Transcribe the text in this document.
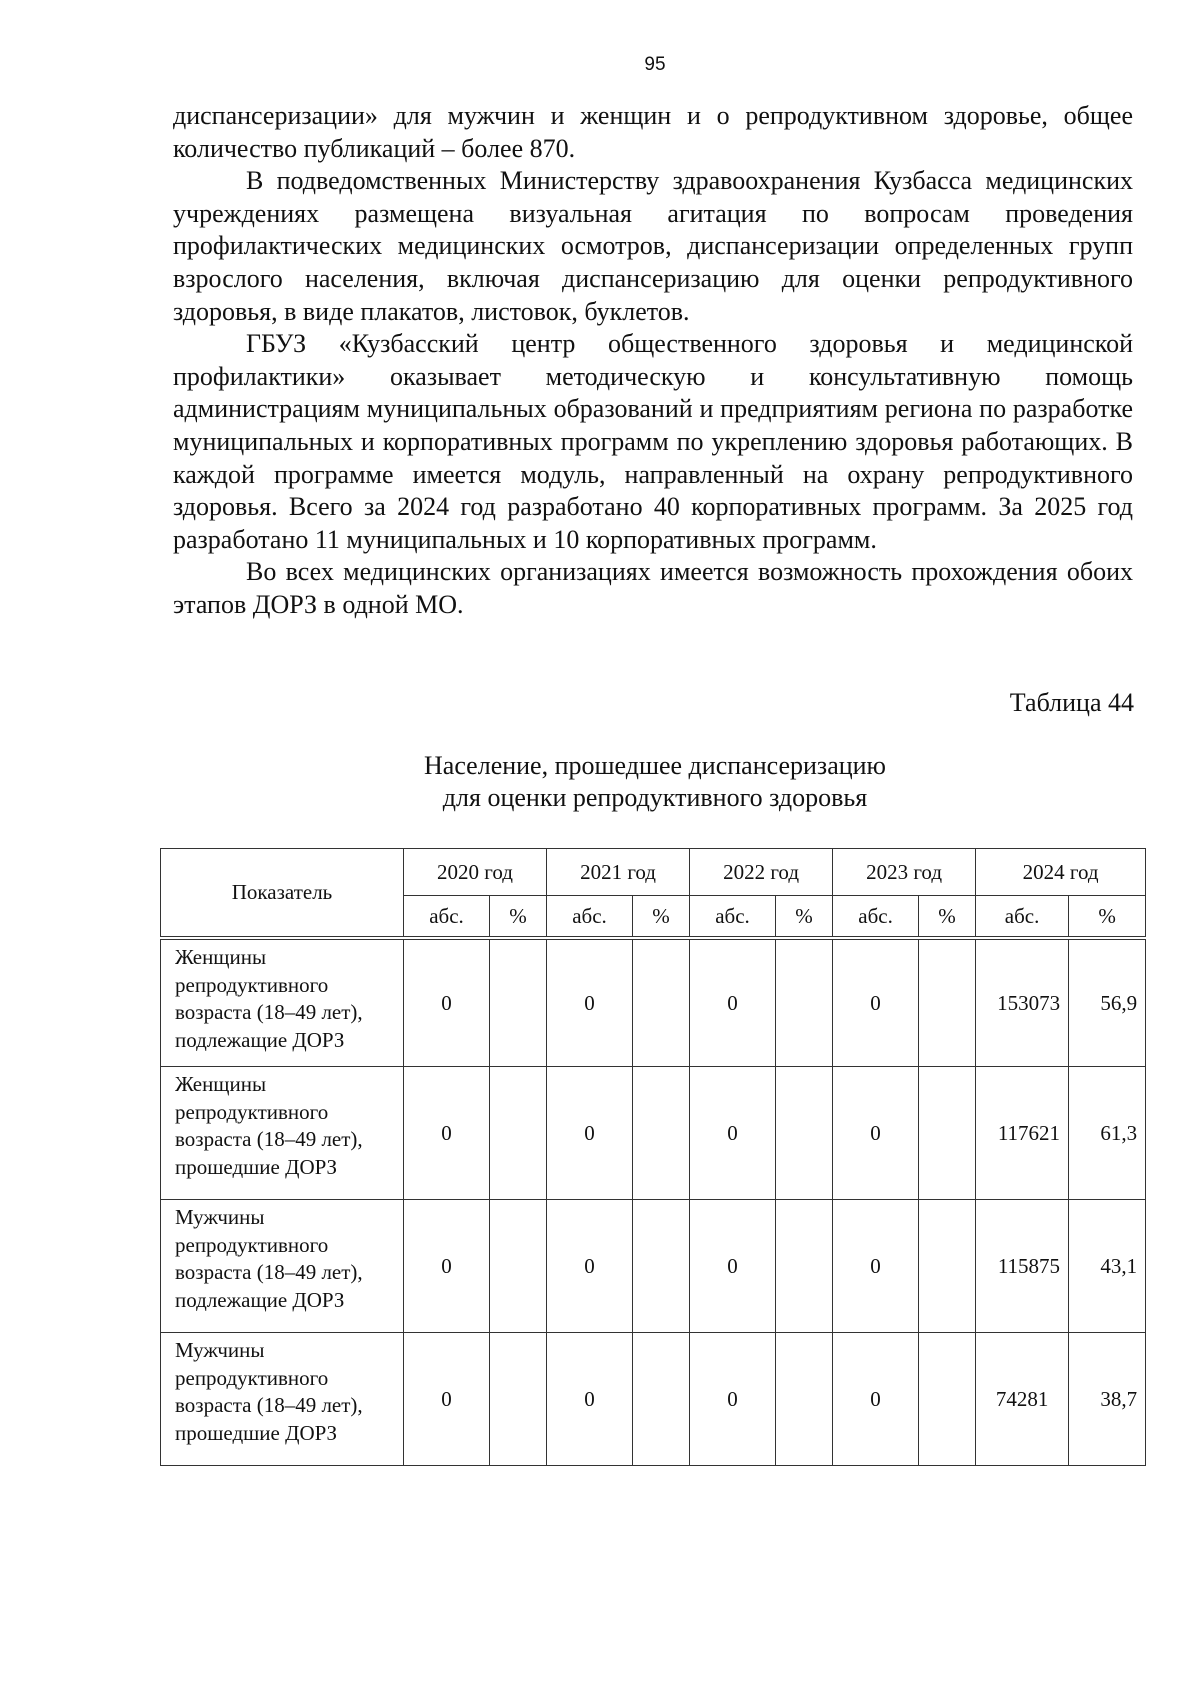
95

диспансеризации» для мужчин и женщин и о репродуктивном здоровье, общее количество публикаций – более 870.

В подведомственных Министерству здравоохранения Кузбасса медицинских учреждениях размещена визуальная агитация по вопросам проведения профилактических медицинских осмотров, диспансеризации определенных групп взрослого населения, включая диспансеризацию для оценки репродуктивного здоровья, в виде плакатов, листовок, буклетов.

ГБУЗ «Кузбасский центр общественного здоровья и медицинской профилактики» оказывает методическую и консультативную помощь администрациям муниципальных образований и предприятиям региона по разработке муниципальных и корпоративных программ по укреплению здоровья работающих. В каждой программе имеется модуль, направленный на охрану репродуктивного здоровья. Всего за 2024 год разработано 40 корпоративных программ. За 2025 год разработано 11 муниципальных и 10 корпоративных программ.

Во всех медицинских организациях имеется возможность прохождения обоих этапов ДОРЗ в одной МО.

Таблица 44
Население, прошедшее диспансеризацию
для оценки репродуктивного здоровья
Показатель	2020 год		2021 год		2022 год		2023 год		2024 год	
	абс.	%	абс.	%	абс.	%	абс.	%	абс.	%
Женщины репродуктивного возраста (18–49 лет), подлежащие ДОРЗ	0		0		0		0		153073	56,9
Женщины репродуктивного возраста (18–49 лет), прошедшие ДОРЗ	0		0		0		0		117621	61,3
Мужчины репродуктивного возраста (18–49 лет), подлежащие ДОРЗ	0		0		0		0		115875	43,1
Мужчины репродуктивного возраста (18–49 лет), прошедшие ДОРЗ	0		0		0		0		74281	38,7
